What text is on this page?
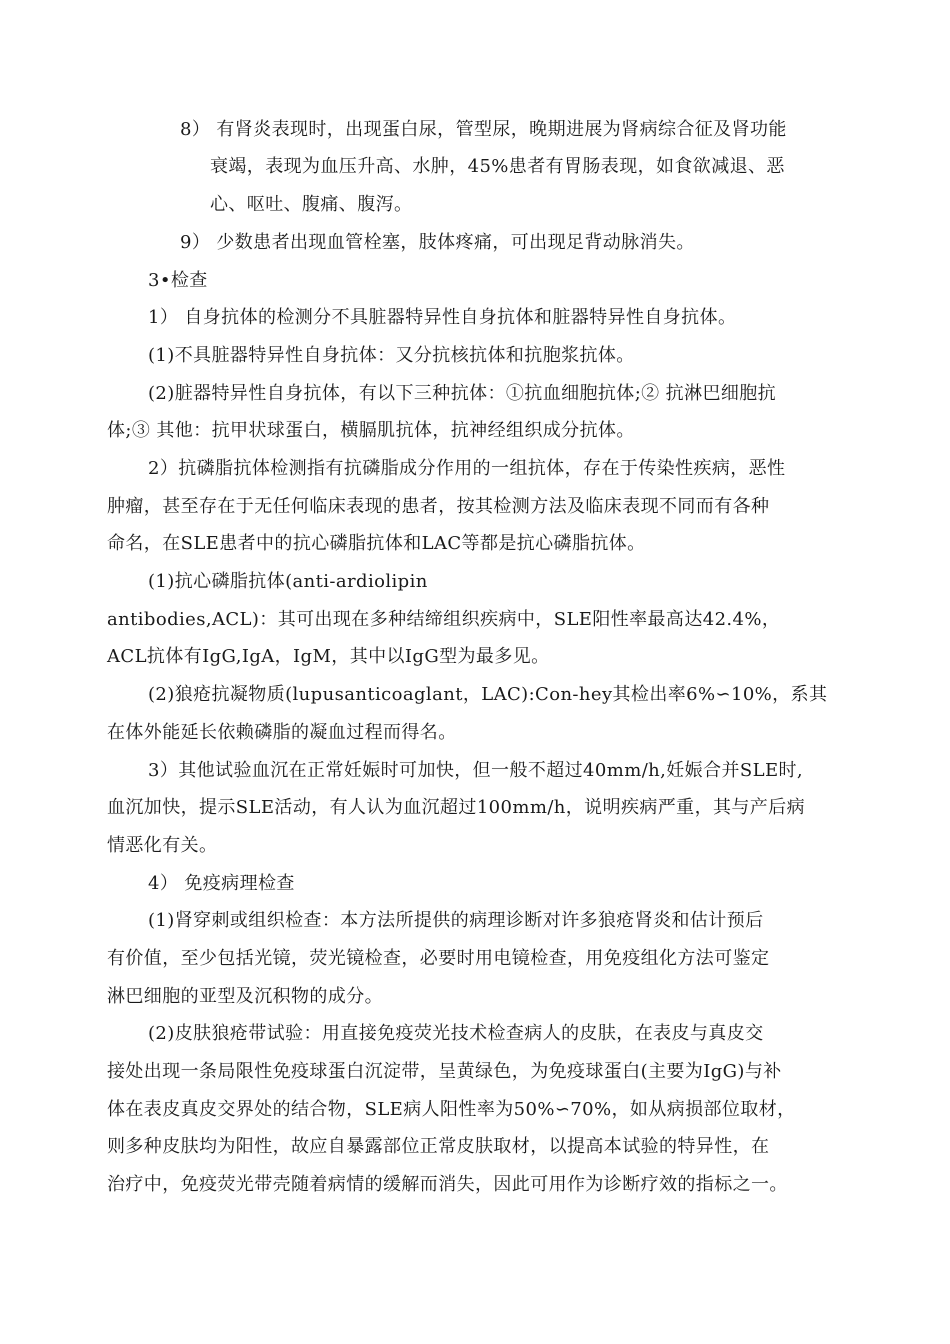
8） 有肾炎表现时，出现蛋白尿，管型尿，晚期进展为肾病综合征及肾功能
衰竭，表现为血压升高、水肿，45%患者有胃肠表现，如食欲减退、恶
心、呕吐、腹痛、腹泻。
9） 少数患者出现血管栓塞，肢体疼痛，可出现足背动脉消失。
3•检查
1） 自身抗体的检测分不具脏器特异性自身抗体和脏器特异性自身抗体。
(1)不具脏器特异性自身抗体：又分抗核抗体和抗胞浆抗体。
(2)脏器特异性自身抗体，有以下三种抗体：①抗血细胞抗体;② 抗淋巴细胞抗
体;③ 其他：抗甲状球蛋白，横膈肌抗体，抗神经组织成分抗体。
2）抗磷脂抗体检测指有抗磷脂成分作用的一组抗体，存在于传染性疾病，恶性
肿瘤，甚至存在于无任何临床表现的患者，按其检测方法及临床表现不同而有各种
命名，在SLE患者中的抗心磷脂抗体和LAC等都是抗心磷脂抗体。
(1)抗心磷脂抗体(anti-ardiolipin
antibodies,ACL)：其可出现在多种结缔组织疾病中，SLE阳性率最高达42.4%，
ACL抗体有IgG,IgA，IgM，其中以IgG型为最多见。
(2)狼疮抗凝物质(lupusanticoaglant，LAC):Con-hey其检出率6%∽10%，系其
在体外能延长依赖磷脂的凝血过程而得名。
3）其他试验血沉在正常妊娠时可加快，但一般不超过40mm/h,妊娠合并SLE时,
血沉加快，提示SLE活动，有人认为血沉超过100mm/h，说明疾病严重，其与产后病
情恶化有关。
4） 免疫病理检查
(1)肾穿刺或组织检查：本方法所提供的病理诊断对许多狼疮肾炎和估计预后
有价值，至少包括光镜，荧光镜检查，必要时用电镜检查，用免疫组化方法可鉴定
淋巴细胞的亚型及沉积物的成分。
(2)皮肤狼疮带试验：用直接免疫荧光技术检查病人的皮肤，在表皮与真皮交
接处出现一条局限性免疫球蛋白沉淀带，呈黄绿色，为免疫球蛋白(主要为IgG)与补
体在表皮真皮交界处的结合物，SLE病人阳性率为50%∽70%，如从病损部位取材，
则多种皮肤均为阳性，故应自暴露部位正常皮肤取材，以提高本试验的特异性，在
治疗中，免疫荧光带壳随着病情的缓解而消失，因此可用作为诊断疗效的指标之一。
